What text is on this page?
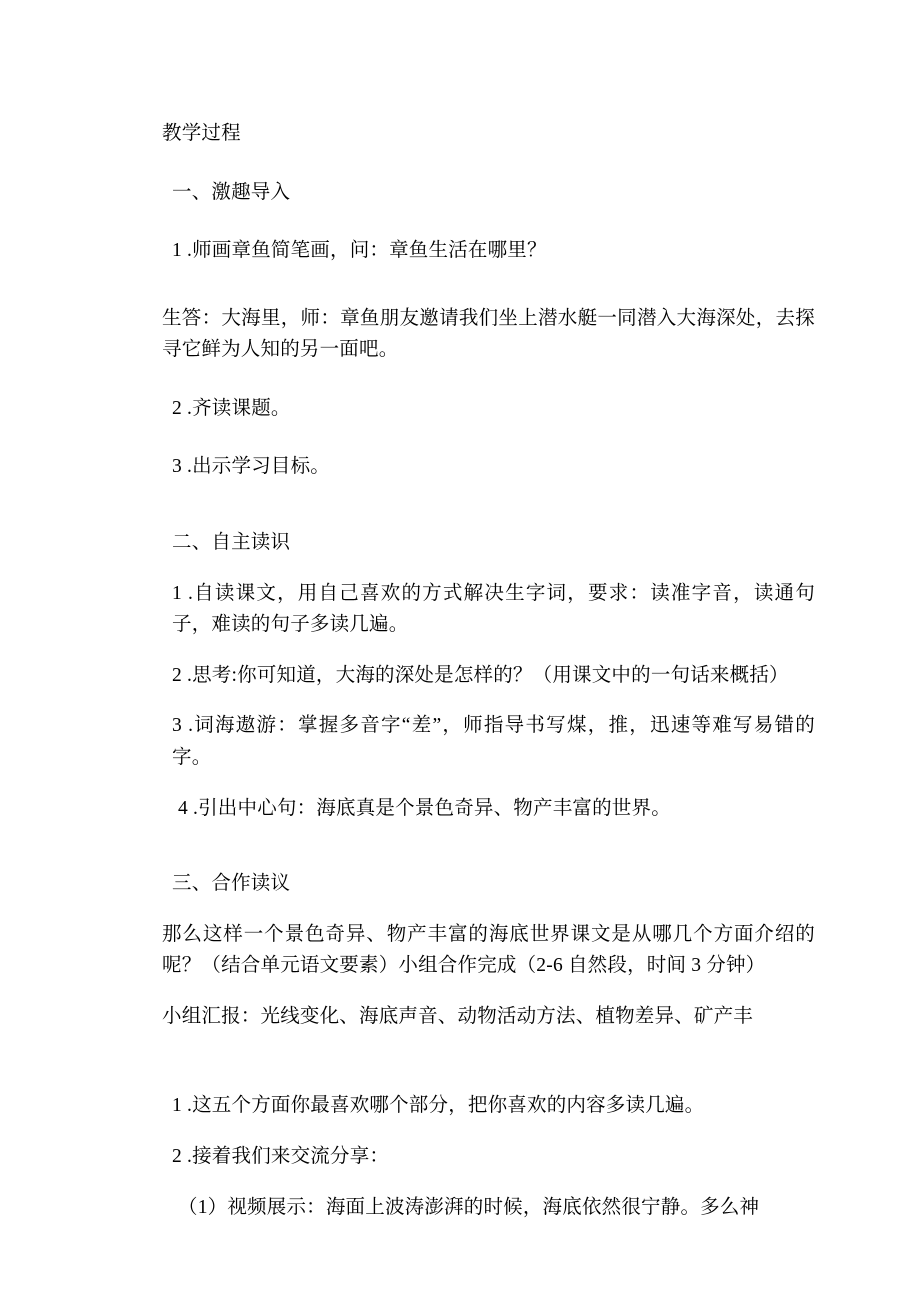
教学过程

一、激趣导入

1 .师画章鱼简笔画，问：章鱼生活在哪里？

生答：大海里，师：章鱼朋友邀请我们坐上潜水艇一同潜入大海深处，去探寻它鲜为人知的另一面吧。

2 .齐读课题。

3 .出示学习目标。

二、自主读识

1 .自读课文，用自己喜欢的方式解决生字词，要求：读准字音，读通句子，难读的句子多读几遍。

2 .思考:你可知道，大海的深处是怎样的？（用课文中的一句话来概括）

3 .词海遨游：掌握多音字“差”，师指导书写煤，推，迅速等难写易错的字。

4 .引出中心句：海底真是个景色奇异、物产丰富的世界。

三、合作读议

那么这样一个景色奇异、物产丰富的海底世界课文是从哪几个方面介绍的呢？（结合单元语文要素）小组合作完成（2-6 自然段，时间 3 分钟）

小组汇报：光线变化、海底声音、动物活动方法、植物差异、矿产丰

1 .这五个方面你最喜欢哪个部分，把你喜欢的内容多读几遍。

2 .接着我们来交流分享：

（1）视频展示：海面上波涛澎湃的时候，海底依然很宁静。多么神
